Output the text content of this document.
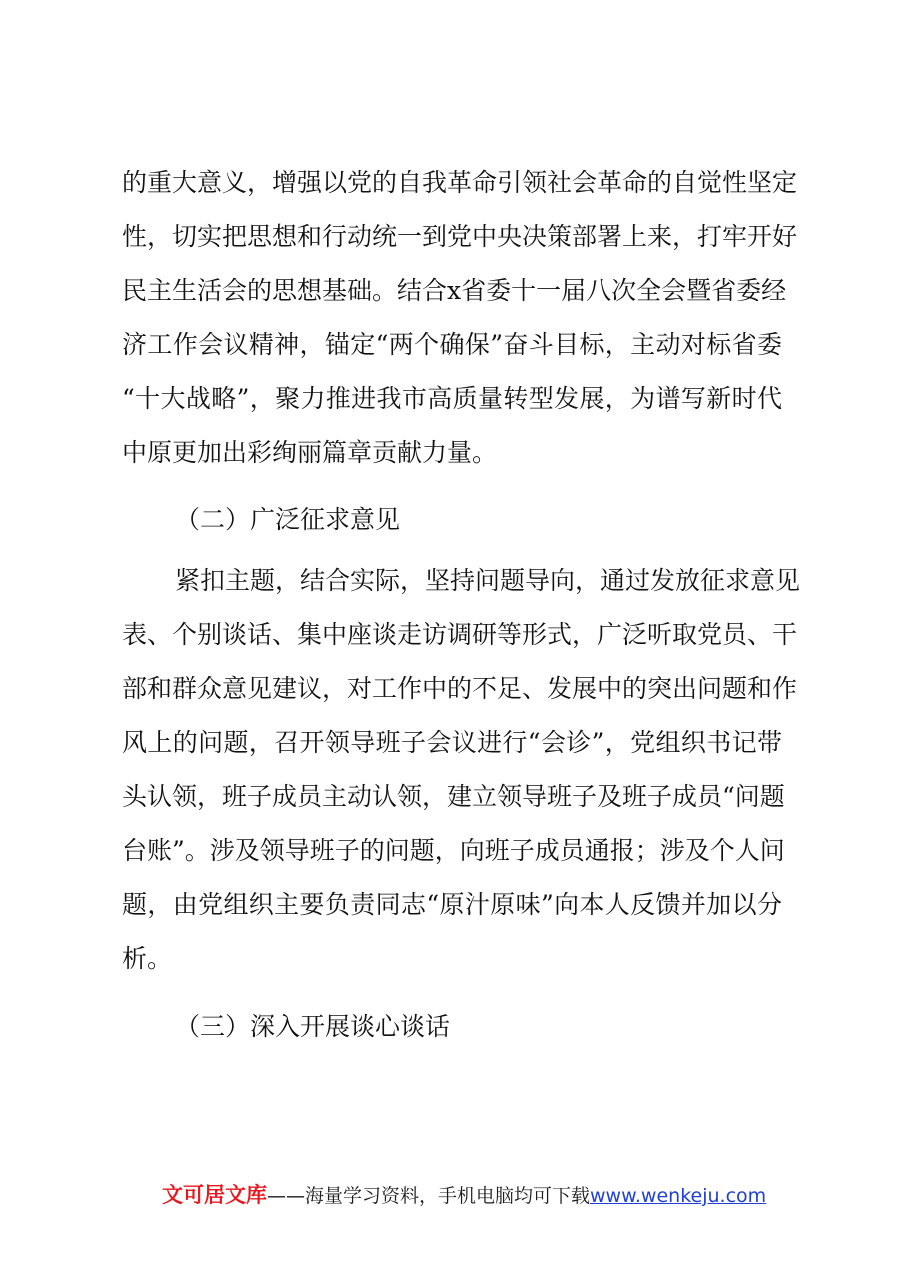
的重大意义，增强以党的自我革命引领社会革命的自觉性坚定
性，切实把思想和行动统一到党中央决策部署上来，打牢开好
民主生活会的思想基础。结合x省委十一届八次全会暨省委经
济工作会议精神，锚定“两个确保”奋斗目标，主动对标省委
“十大战略”，聚力推进我市高质量转型发展，为谱写新时代
中原更加出彩绚丽篇章贡献力量。
（二）广泛征求意见
紧扣主题，结合实际，坚持问题导向，通过发放征求意见
表、个别谈话、集中座谈走访调研等形式，广泛听取党员、干
部和群众意见建议，对工作中的不足、发展中的突出问题和作
风上的问题，召开领导班子会议进行“会诊”，党组织书记带
头认领，班子成员主动认领，建立领导班子及班子成员“问题
台账”。涉及领导班子的问题，向班子成员通报；涉及个人问
题，由党组织主要负责同志“原汁原味”向本人反馈并加以分
析。
（三）深入开展谈心谈话
文可居文库——海量学习资料，手机电脑均可下载www.wenkeju.com
